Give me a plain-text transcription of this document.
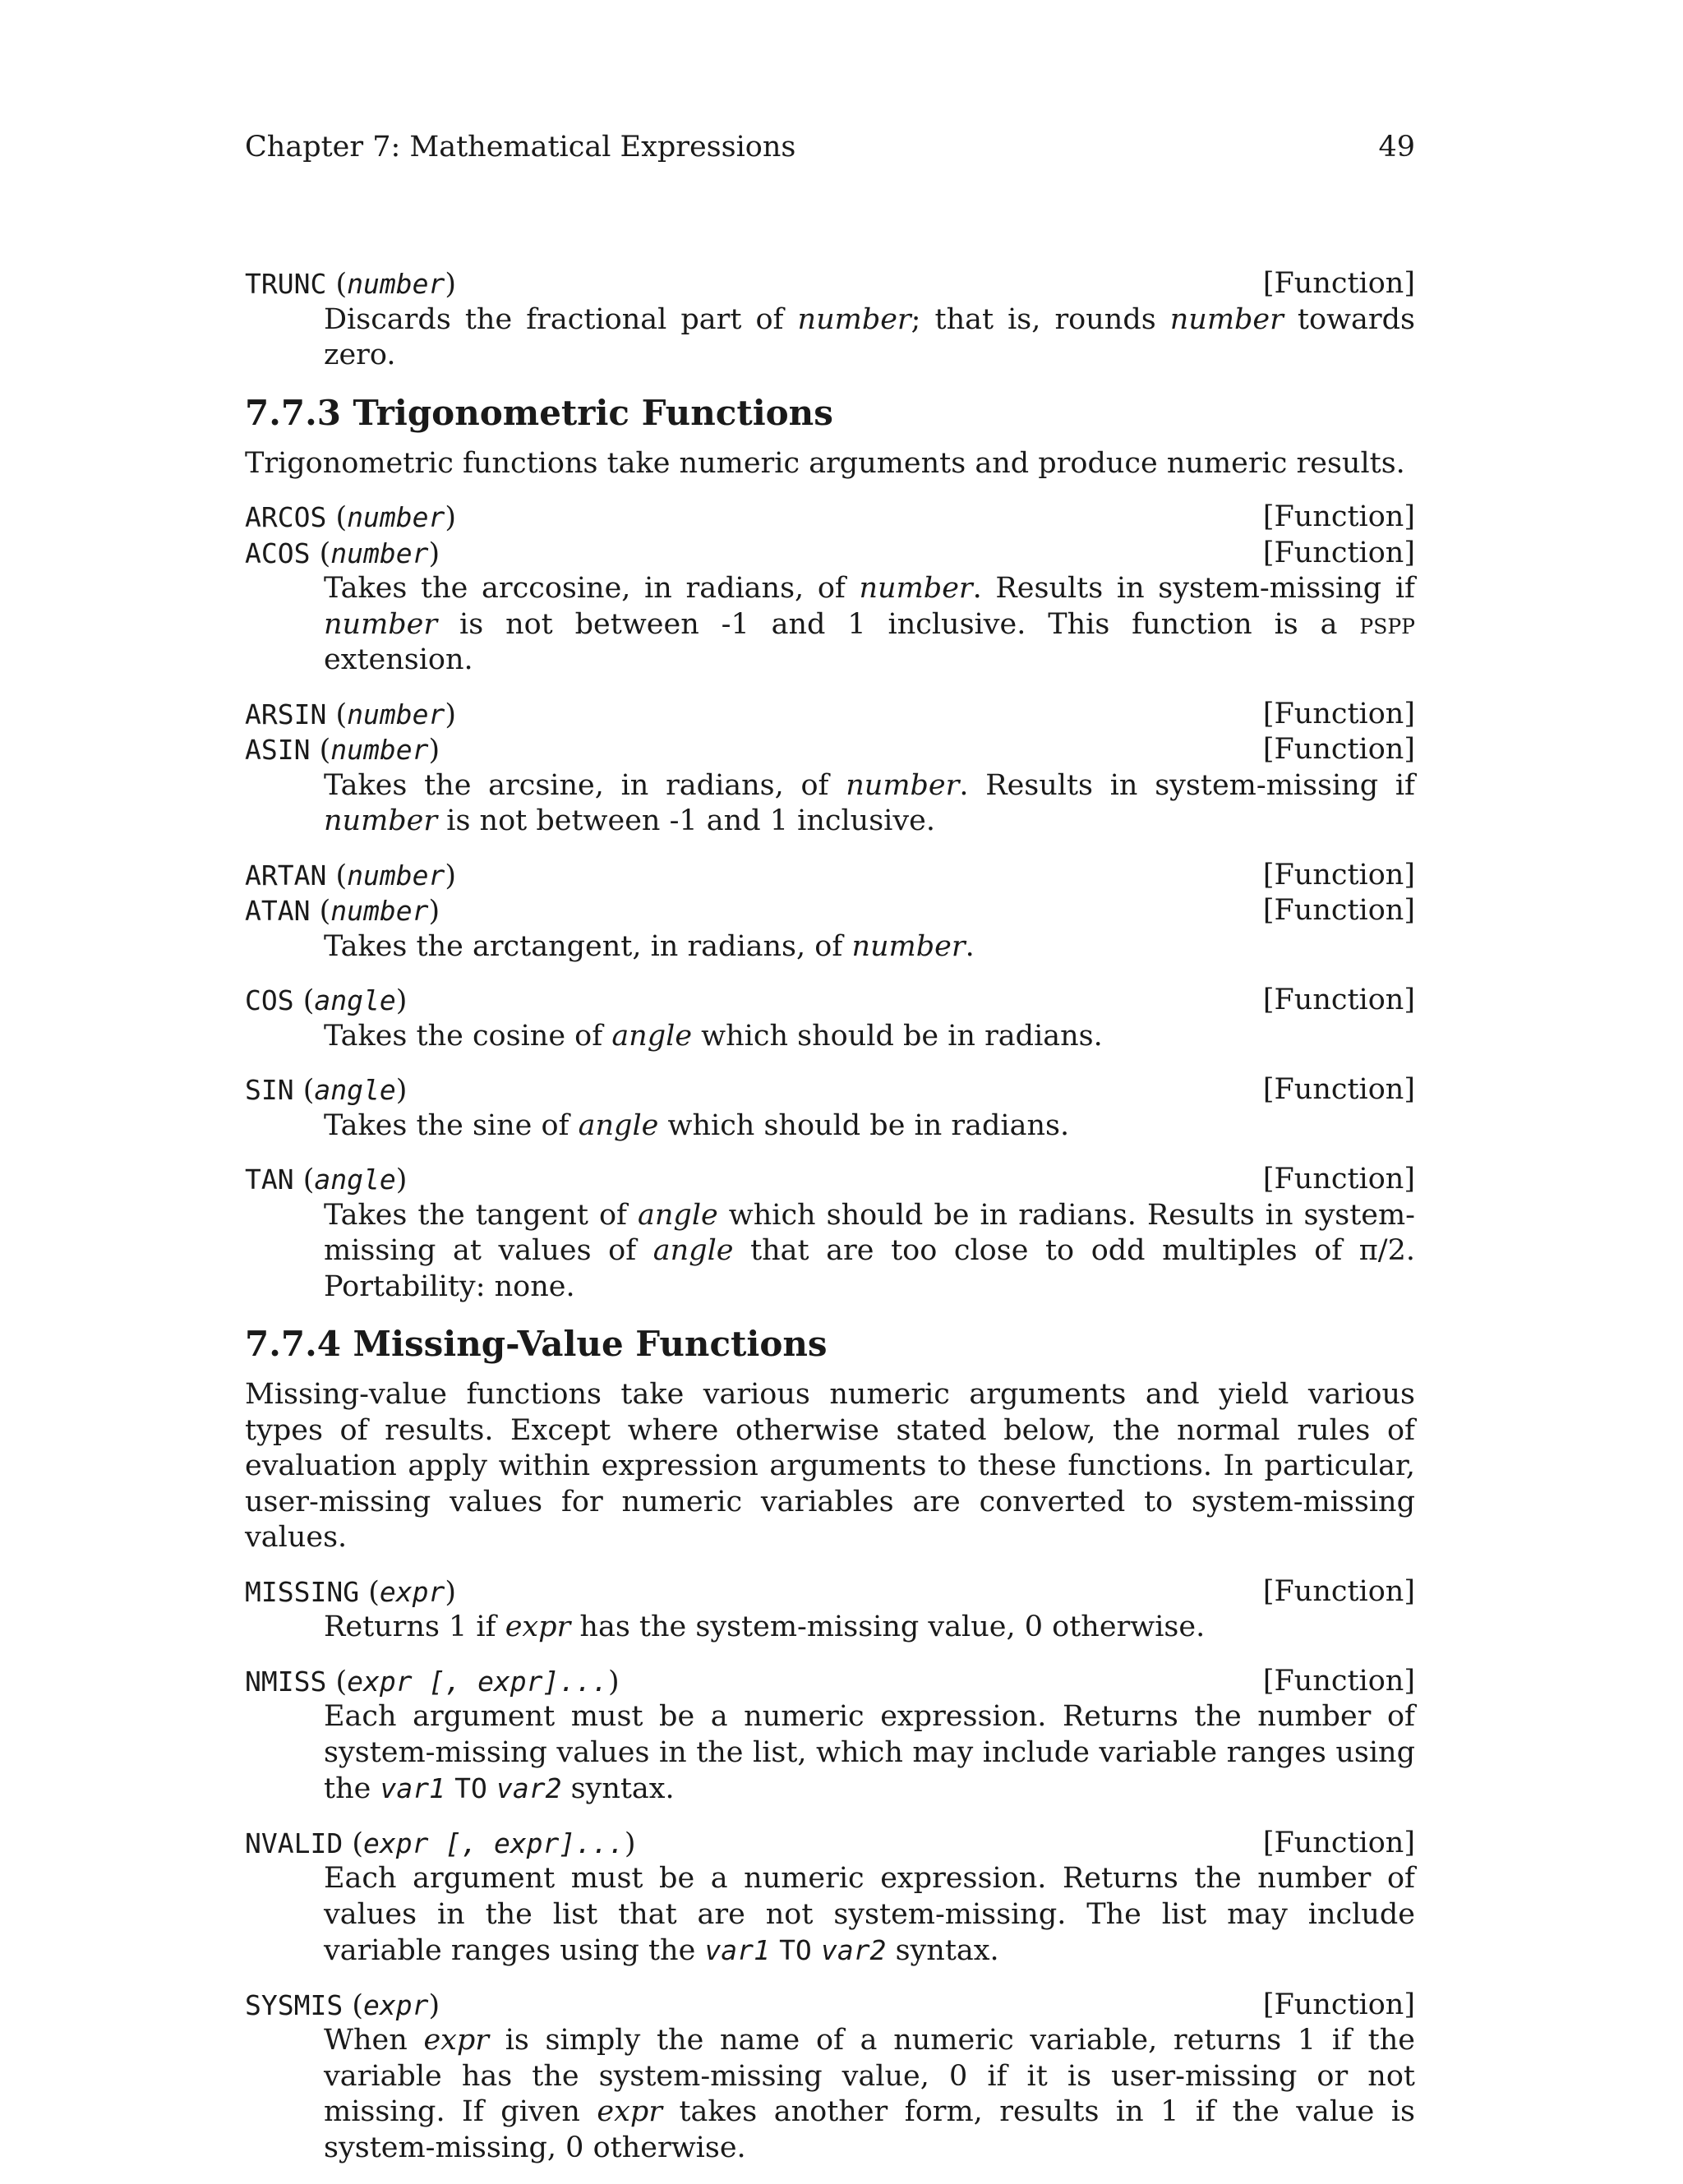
Chapter 7: Mathematical Expressions	49
TRUNC (number)	[Function]
Discards the fractional part of number; that is, rounds number towards zero.
7.7.3 Trigonometric Functions

Trigonometric functions take numeric arguments and produce numeric results.

ARCOS (number)	[Function]
ACOS (number)	[Function]
Takes the arccosine, in radians, of number. Results in system-missing if number is not between -1 and 1 inclusive. This function is a pspp extension.
ARSIN (number)	[Function]
ASIN (number)	[Function]
Takes the arcsine, in radians, of number. Results in system-missing if number is not between -1 and 1 inclusive.
ARTAN (number)	[Function]
ATAN (number)	[Function]
Takes the arctangent, in radians, of number.
COS (angle)	[Function]
Takes the cosine of angle which should be in radians.
SIN (angle)	[Function]
Takes the sine of angle which should be in radians.
TAN (angle)	[Function]
Takes the tangent of angle which should be in radians. Results in system-missing at values of angle that are too close to odd multiples of π/2. Portability: none.
7.7.4 Missing-Value Functions

Missing-value functions take various numeric arguments and yield various types of results. Except where otherwise stated below, the normal rules of evaluation apply within expression arguments to these functions. In particular, user-missing values for numeric variables are converted to system-missing values.

MISSING (expr)	[Function]
Returns 1 if expr has the system-missing value, 0 otherwise.
NMISS (expr [, expr]...)	[Function]
Each argument must be a numeric expression. Returns the number of system-missing values in the list, which may include variable ranges using the var1 TO var2 syntax.
NVALID (expr [, expr]...)	[Function]
Each argument must be a numeric expression. Returns the number of values in the list that are not system-missing. The list may include variable ranges using the var1 TO var2 syntax.
SYSMIS (expr)	[Function]
When expr is simply the name of a numeric variable, returns 1 if the variable has the system-missing value, 0 if it is user-missing or not missing. If given expr takes another form, results in 1 if the value is system-missing, 0 otherwise.
